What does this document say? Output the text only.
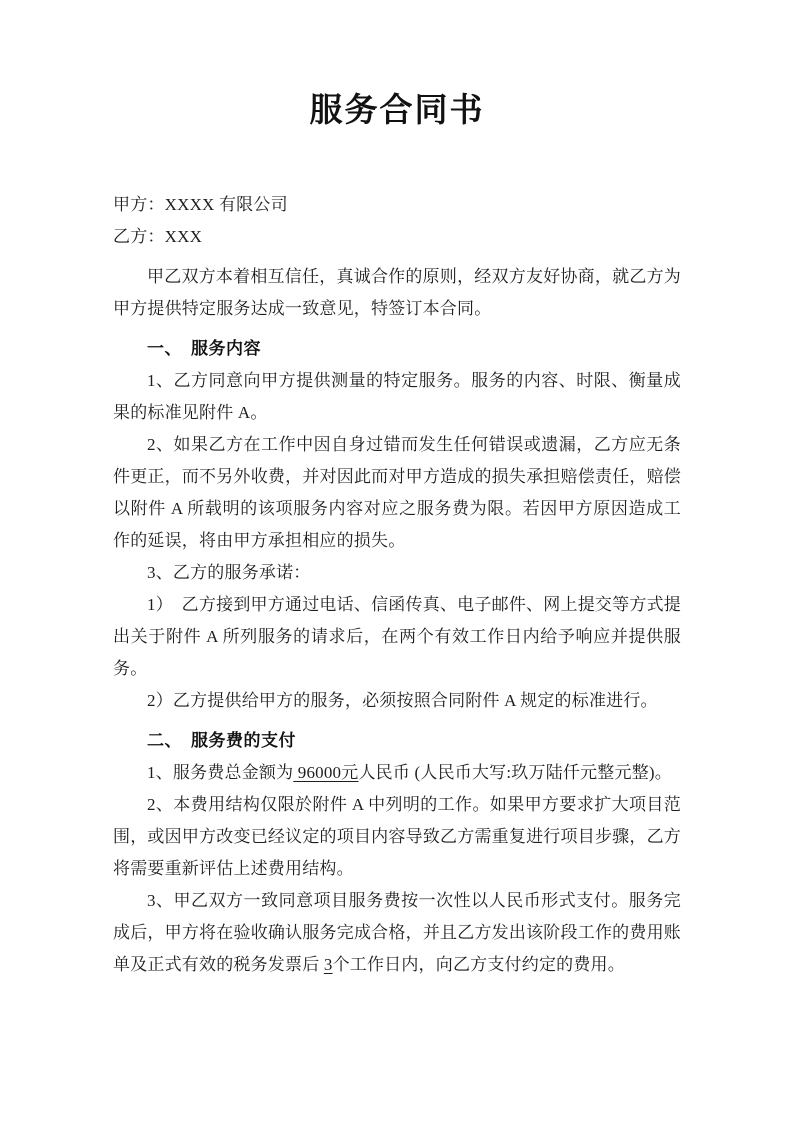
服务合同书

甲方：XXXX 有限公司

乙方：XXX

甲乙双方本着相互信任，真诚合作的原则，经双方友好协商，就乙方为甲方提供特定服务达成一致意见，特签订本合同。

一、　服务内容

1、乙方同意向甲方提供测量的特定服务。服务的内容、时限、衡量成果的标准见附件 A。

2、如果乙方在工作中因自身过错而发生任何错误或遗漏，乙方应无条件更正，而不另外收费，并对因此而对甲方造成的损失承担赔偿责任，赔偿以附件 A 所载明的该项服务内容对应之服务费为限。若因甲方原因造成工作的延误，将由甲方承担相应的损失。

3、乙方的服务承诺：

1）　乙方接到甲方通过电话、信函传真、电子邮件、网上提交等方式提出关于附件 A 所列服务的请求后，在两个有效工作日内给予响应并提供服务。

2）乙方提供给甲方的服务，必须按照合同附件 A 规定的标准进行。

二、　服务费的支付

1、服务费总金额为 96000元人民币 (人民币大写:玖万陆仟元整元整)。

2、本费用结构仅限於附件 A 中列明的工作。如果甲方要求扩大项目范围，或因甲方改变已经议定的项目内容导致乙方需重复进行项目步骤，乙方将需要重新评估上述费用结构。

3、甲乙双方一致同意项目服务费按一次性以人民币形式支付。服务完成后，甲方将在验收确认服务完成合格，并且乙方发出该阶段工作的费用账单及正式有效的税务发票后 3个工作日内，向乙方支付约定的费用。
